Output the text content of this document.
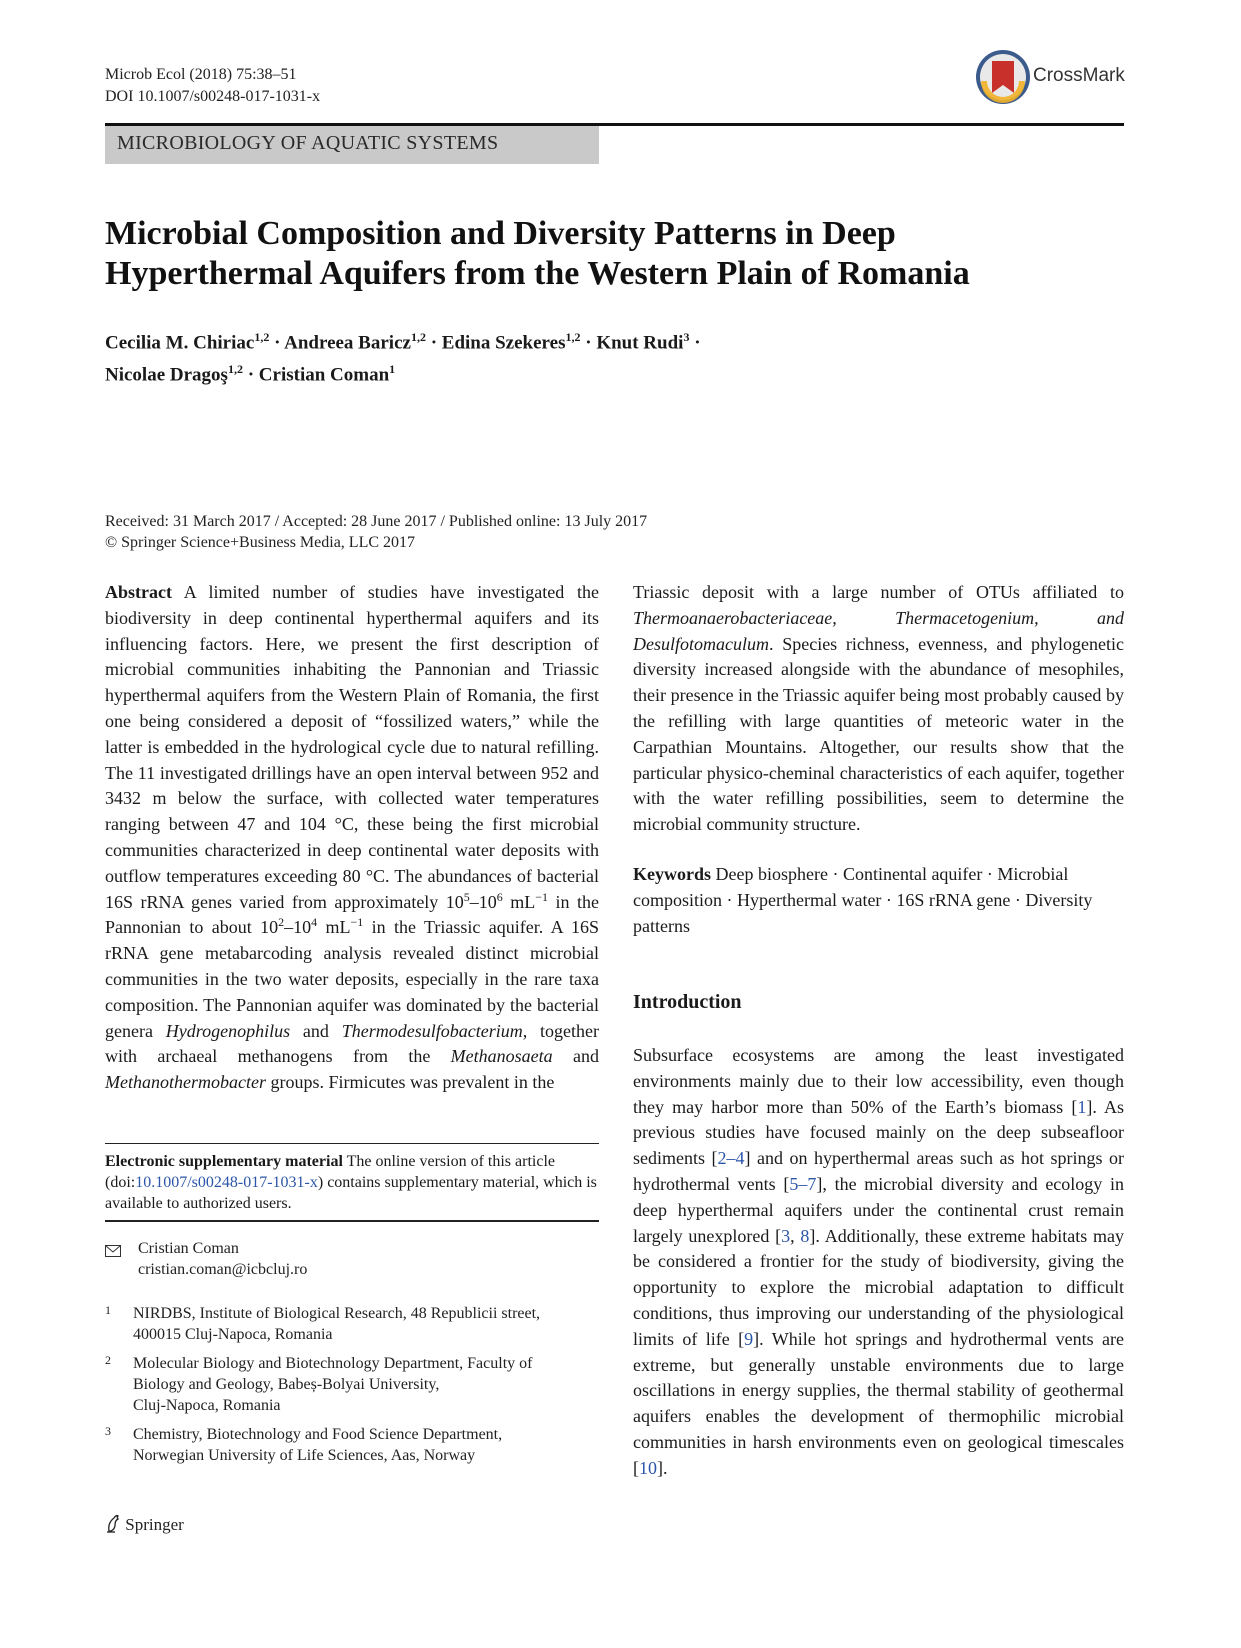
Microb Ecol (2018) 75:38–51
DOI 10.1007/s00248-017-1031-x
CrossMark
MICROBIOLOGY OF AQUATIC SYSTEMS
Microbial Composition and Diversity Patterns in Deep
Hyperthermal Aquifers from the Western Plain of Romania
Cecilia M. Chiriac$^{1,2}$ · Andreea Baricz$^{1,2}$ · Edina Szekeres$^{1,2}$ · Knut Rudi$^3$ ·
Nicolae Dragoş$^{1,2}$ · Cristian Coman$^1$
Received: 31 March 2017 / Accepted: 28 June 2017 / Published online: 13 July 2017
© Springer Science+Business Media, LLC 2017

Abstract A limited number of studies have investigated the biodiversity in deep continental hyperthermal aquifers and its influencing factors. Here, we present the first description of microbial communities inhabiting the Pannonian and Triassic hyperthermal aquifers from the Western Plain of Romania, the first one being considered a deposit of “fossilized waters,” while the latter is embedded in the hydrological cycle due to natural refilling. The 11 investigated drillings have an open interval between 952 and 3432 m below the surface, with collected water temperatures ranging between 47 and 104 °C, these being the first microbial communities characterized in deep continental water deposits with outflow temperatures exceeding 80 °C. The abundances of bacterial 16S rRNA genes varied from approximately $10^5-10^6$ $mL^{-1}$ in the Pannonian to about $10^2-10^4$ $mL^{-1}$ in the Triassic aquifer. A 16S rRNA gene metabarcoding analysis revealed distinct microbial communities in the two water deposits, especially in the rare taxa composition. The Pannonian aquifer was dominated by the bacterial genera Hydrogenophilus and Thermodesulfobacterium, together with archaeal methanogens from the Methanosaeta and Methanothermobacter groups. Firmicutes was prevalent in the

Triassic deposit with a large number of OTUs affiliated to Thermoanaerobacteriaceae, Thermacetogenium, and Desulfotomaculum. Species richness, evenness, and phylogenetic diversity increased alongside with the abundance of mesophiles, their presence in the Triassic aquifer being most probably caused by the refilling with large quantities of meteoric water in the Carpathian Mountains. Altogether, our results show that the particular physico-cheminal characteristics of each aquifer, together with the water refilling possibilities, seem to determine the microbial community structure.

Keywords Deep biosphere · Continental aquifer · Microbial composition · Hyperthermal water · 16S rRNA gene · Diversity patterns

Introduction

Subsurface ecosystems are among the least investigated environments mainly due to their low accessibility, even though they may harbor more than 50% of the Earth’s biomass [1]. As previous studies have focused mainly on the deep subseafloor sediments [2–4] and on hyperthermal areas such as hot springs or hydrothermal vents [5–7], the microbial diversity and ecology in deep hyperthermal aquifers under the continental crust remain largely unexplored [3, 8]. Additionally, these extreme habitats may be considered a frontier for the study of biodiversity, giving the opportunity to explore the microbial adaptation to difficult conditions, thus improving our understanding of the physiological limits of life [9]. While hot springs and hydrothermal vents are extreme, but generally unstable environments due to large oscillations in energy supplies, the thermal stability of geothermal aquifers enables the development of thermophilic microbial communities in harsh environments even on geological timescales [10].

Electronic supplementary material The online version of this article (doi:10.1007/s00248-017-1031-x) contains supplementary material, which is available to authorized users.
Cristian Coman
cristian.coman@icbcluj.ro
1 NIRDBS, Institute of Biological Research, 48 Republicii street,
400015 Cluj-Napoca, Romania
2 Molecular Biology and Biotechnology Department, Faculty of
Biology and Geology, Babeș-Bolyai University,
Cluj-Napoca, Romania
3 Chemistry, Biotechnology and Food Science Department,
Norwegian University of Life Sciences, Aas, Norway
Springer
